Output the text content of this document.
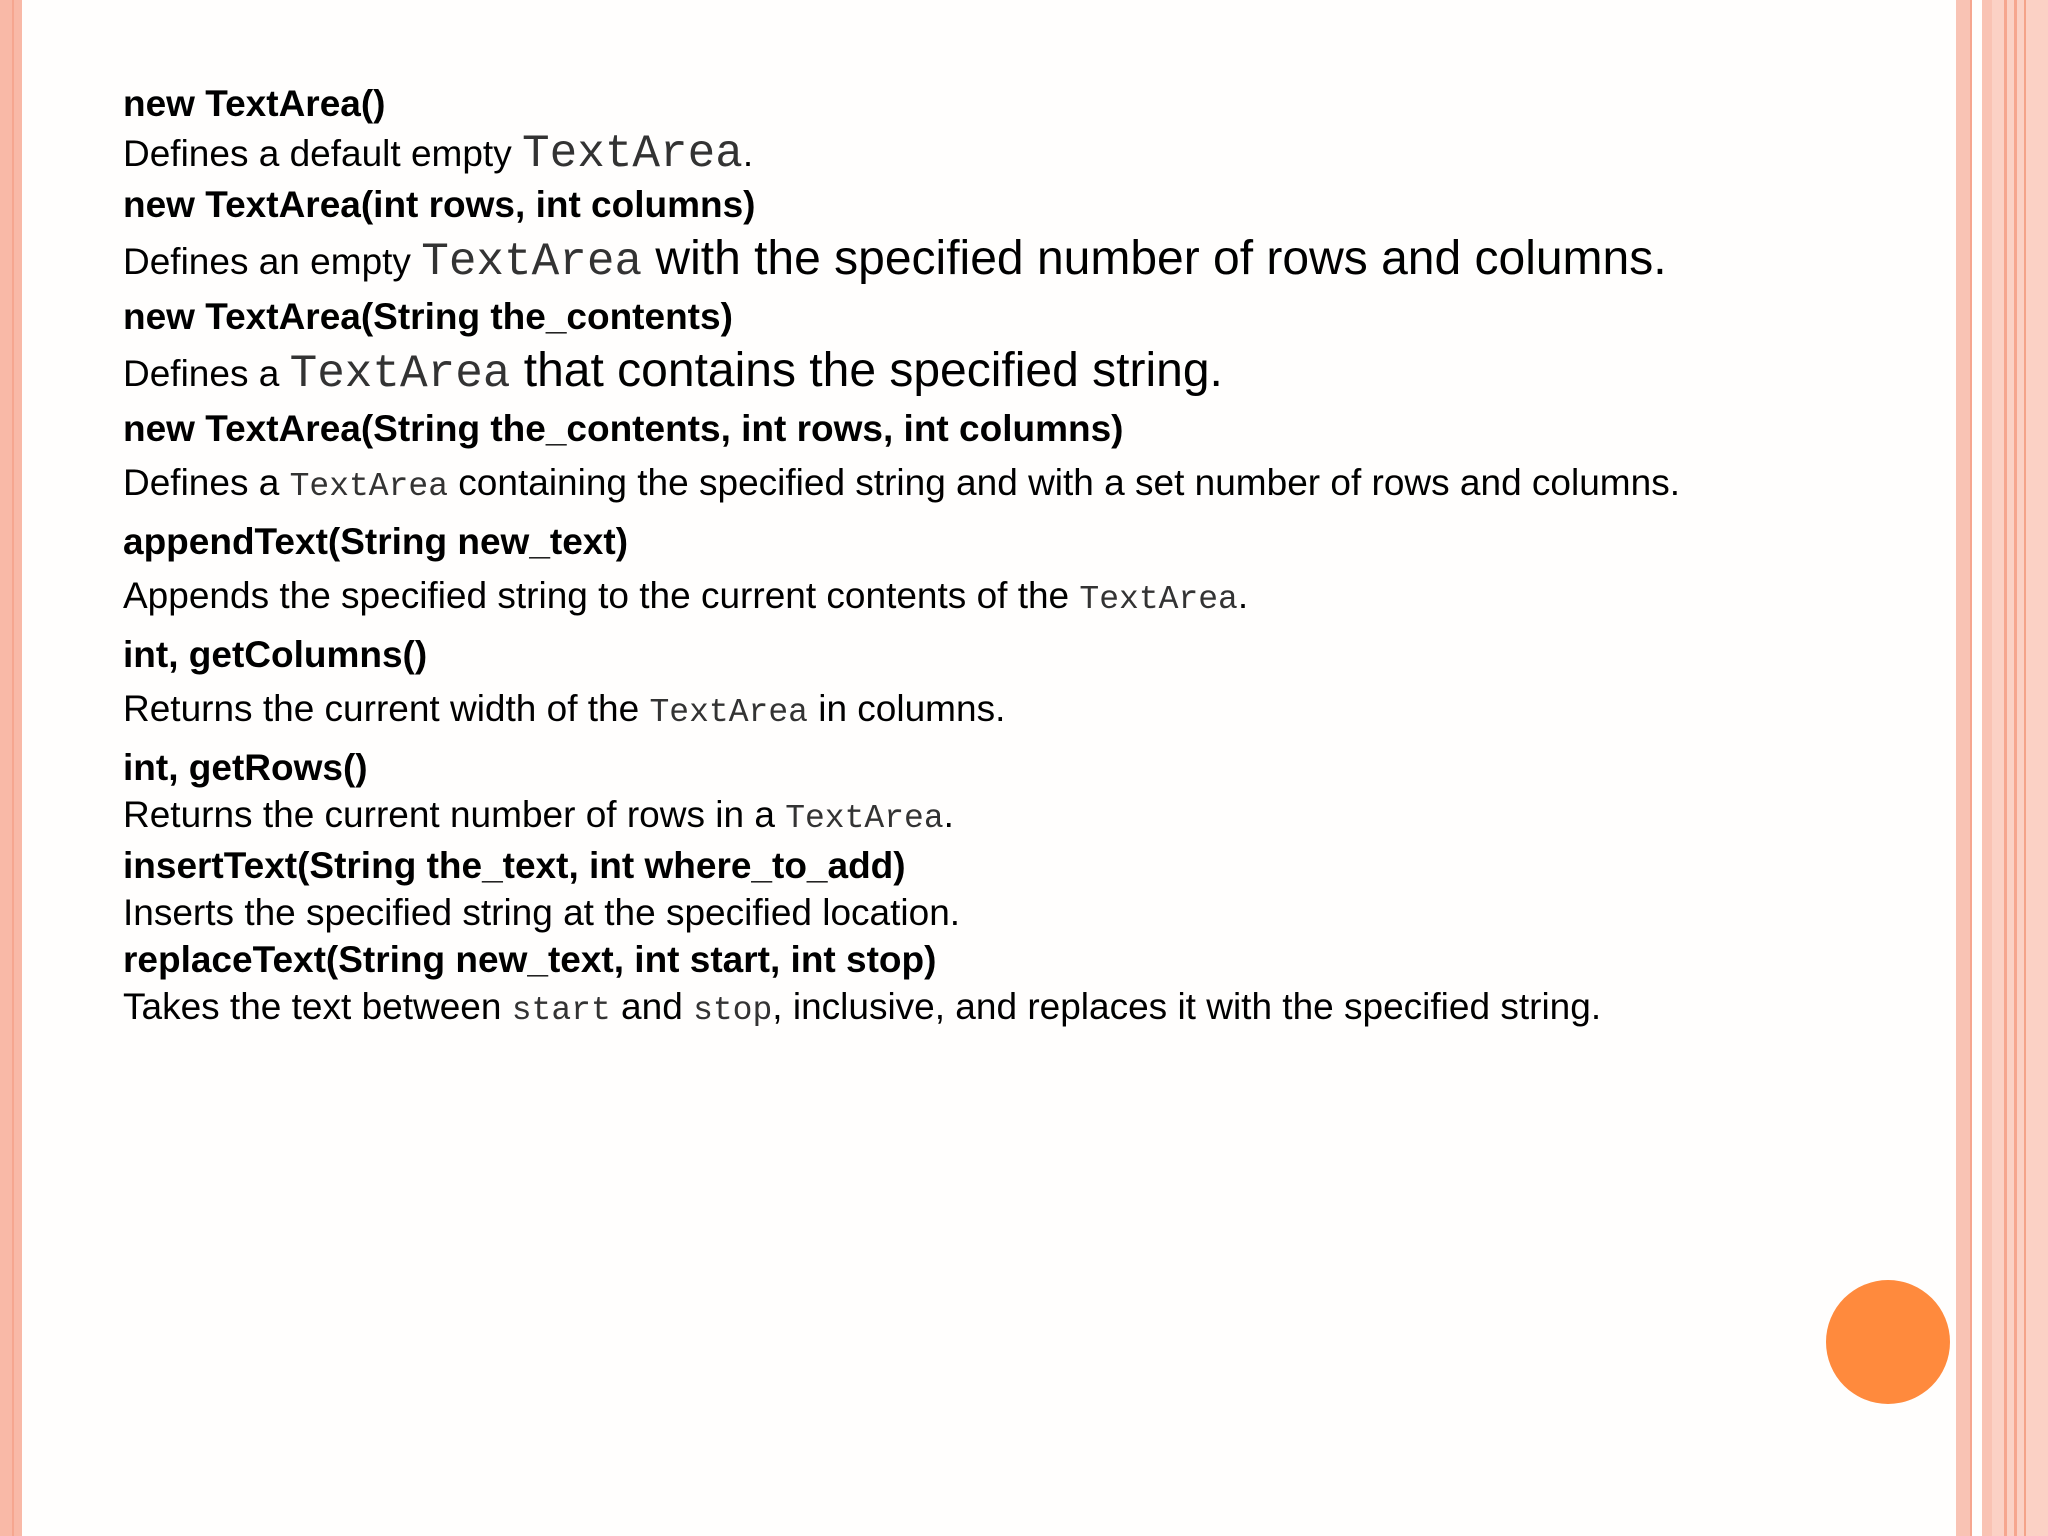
new TextArea()
Defines a default empty TextArea.
new TextArea(int rows, int columns)
Defines an empty TextArea with the specified number of rows and columns.
new TextArea(String the_contents)
Defines a TextArea that contains the specified string.
new TextArea(String the_contents, int rows, int columns)
Defines a TextArea containing the specified string and with a set number of rows and columns.
appendText(String new_text)
Appends the specified string to the current contents of the TextArea.
int, getColumns()
Returns the current width of the TextArea in columns.
int, getRows()
Returns the current number of rows in a TextArea.
insertText(String the_text, int where_to_add)
Inserts the specified string at the specified location.
replaceText(String new_text, int start, int stop)
Takes the text between start and stop, inclusive, and replaces it with the specified string.
